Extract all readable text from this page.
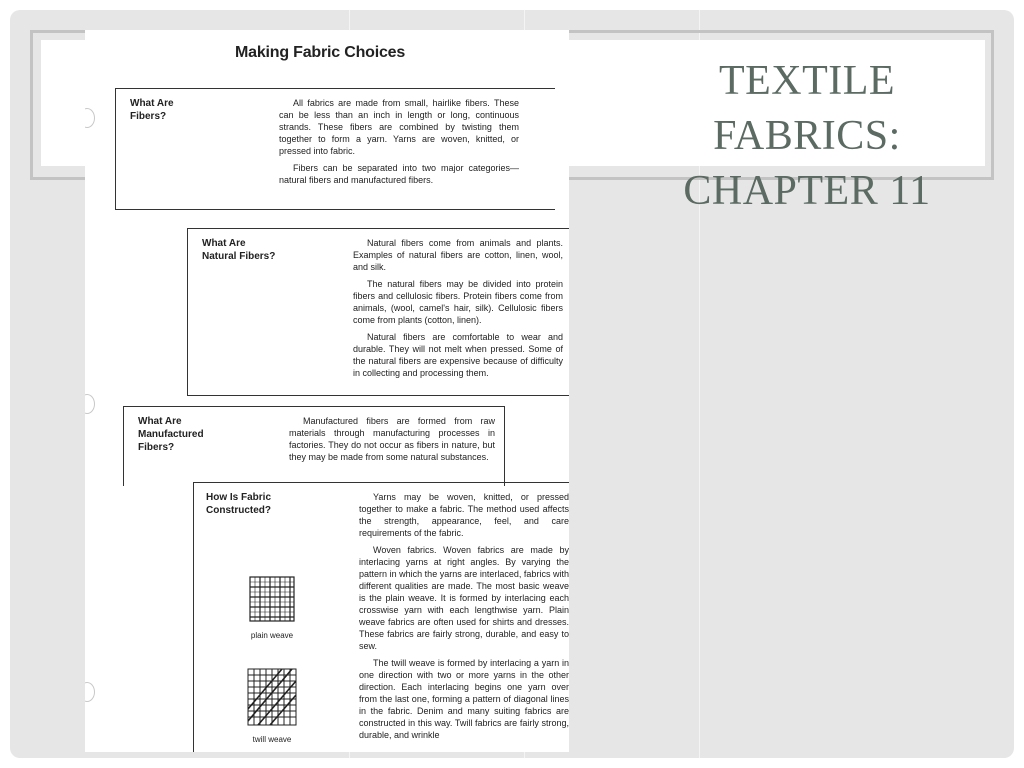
TEXTILE
FABRICS:
CHAPTER 11
Making Fabric Choices
What Are
Fibers?

All fabrics are made from small, hairlike fibers. These can be less than an inch in length or long, continuous strands. These fibers are combined by twisting them together to form a yarn. Yarns are woven, knitted, or pressed into fabric.

Fibers can be separated into two major categories—natural fibers and manufactured fibers.

What Are
Natural Fibers?

Natural fibers come from animals and plants. Examples of natural fibers are cotton, linen, wool, and silk.

The natural fibers may be divided into protein fibers and cellulosic fibers. Protein fibers come from animals, (wool, camel's hair, silk). Cellulosic fibers come from plants (cotton, linen).

Natural fibers are comfortable to wear and durable. They will not melt when pressed. Some of the natural fibers are expensive because of difficulty in collecting and processing them.

What Are
Manufactured
Fibers?

Manufactured fibers are formed from raw materials through manufacturing processes in factories. They do not occur as fibers in nature, but they may be made from some natural substances.

How Is Fabric
Constructed?

Yarns may be woven, knitted, or pressed together to make a fabric. The method used affects the strength, appearance, feel, and care requirements of the fabric.

Woven fabrics. Woven fabrics are made by interlacing yarns at right angles. By varying the pattern in which the yarns are interlaced, fabrics with different qualities are made. The most basic weave is the plain weave. It is formed by interlacing each crosswise yarn with each lengthwise yarn. Plain weave fabrics are often used for shirts and dresses. These fabrics are fairly strong, durable, and easy to sew.

The twill weave is formed by interlacing a yarn in one direction with two or more yarns in the other direction. Each interlacing begins one yarn over from the last one, forming a pattern of diagonal lines in the fabric. Denim and many suiting fabrics are constructed in this way. Twill fabrics are fairly strong, durable, and wrinkle

plain weave
twill weave
